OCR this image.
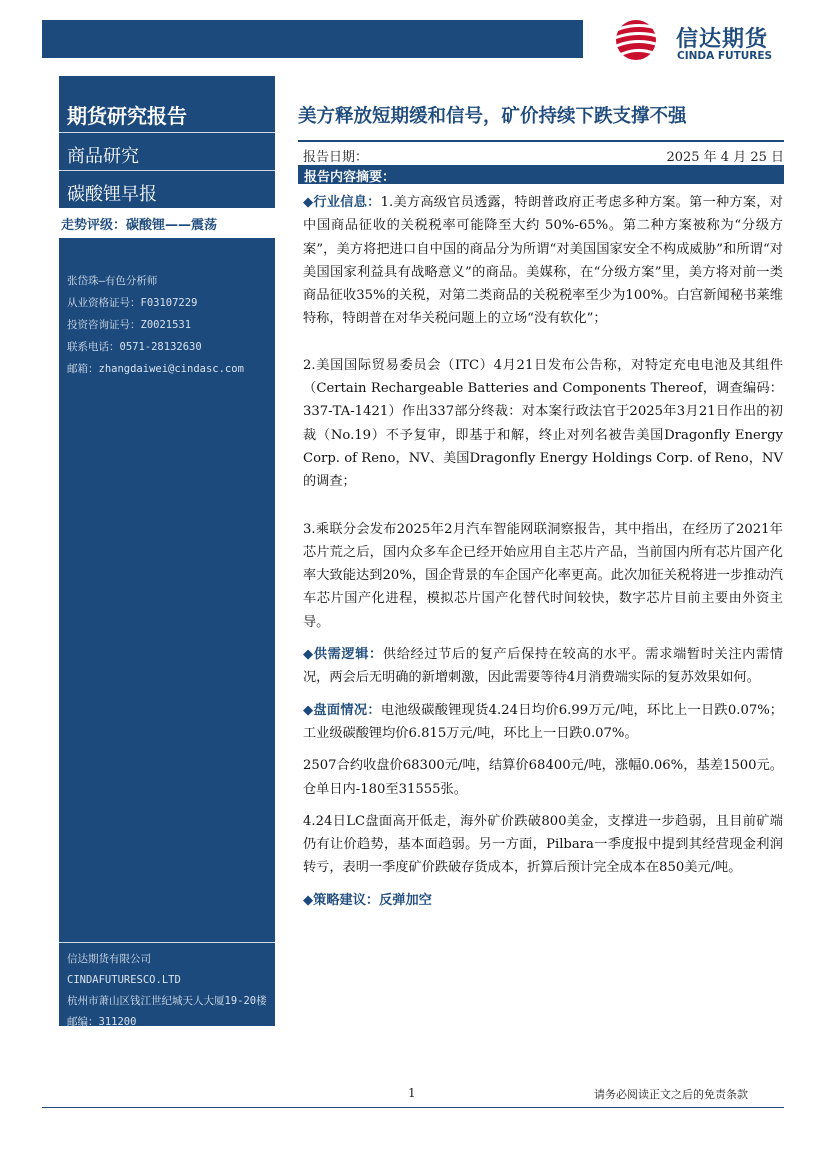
信达期货
CINDA FUTURES
期货研究报告
商品研究
碳酸锂早报
走势评级：碳酸锂——震荡
张岱珠—有色分析师
从业资格证号：F03107229
投资咨询证号：Z0021531
联系电话：0571-28132630
邮箱：zhangdaiwei@cindasc.com
信达期货有限公司
CINDAFUTURESCO.LTD
杭州市萧山区钱江世纪城天人大厦19-20楼
邮编：311200
美方释放短期缓和信号，矿价持续下跌支撑不强
报告日期：	2025 年 4 月 25 日
报告内容摘要：

◆行业信息：1.美方高级官员透露，特朗普政府正考虑多种方案。第一种方案，对中国商品征收的关税税率可能降至大约 50%-65%。第二种方案被称为“分级方案”，美方将把进口自中国的商品分为所谓“对美国国家安全不构成威胁”和所谓“对美国国家利益具有战略意义”的商品。美媒称，在“分级方案”里，美方将对前一类商品征收35%的关税，对第二类商品的关税税率至少为100%。白宫新闻秘书莱维特称，特朗普在对华关税问题上的立场“没有软化”；

2.美国国际贸易委员会（ITC）4月21日发布公告称，对特定充电电池及其组件（Certain Rechargeable Batteries and Components Thereof，调查编码：337-TA-1421）作出337部分终裁：对本案行政法官于2025年3月21日作出的初裁（No.19）不予复审，即基于和解，终止对列名被告美国Dragonfly Energy Corp. of Reno，NV、美国Dragonfly Energy Holdings Corp. of Reno，NV的调查；

3.乘联分会发布2025年2月汽车智能网联洞察报告，其中指出，在经历了2021年芯片荒之后，国内众多车企已经开始应用自主芯片产品，当前国内所有芯片国产化率大致能达到20%，国企背景的车企国产化率更高。此次加征关税将进一步推动汽车芯片国产化进程，模拟芯片国产化替代时间较快，数字芯片目前主要由外资主导。

◆供需逻辑：供给经过节后的复产后保持在较高的水平。需求端暂时关注内需情况，两会后无明确的新增刺激，因此需要等待4月消费端实际的复苏效果如何。

◆盘面情况：电池级碳酸锂现货4.24日均价6.99万元/吨，环比上一日跌0.07%；工业级碳酸锂均价6.815万元/吨，环比上一日跌0.07%。

2507合约收盘价68300元/吨，结算价68400元/吨，涨幅0.06%，基差1500元。仓单日内-180至31555张。

4.24日LC盘面高开低走，海外矿价跌破800美金，支撑进一步趋弱，且目前矿端仍有让价趋势，基本面趋弱。另一方面，Pilbara一季度报中提到其经营现金利润转亏，表明一季度矿价跌破存货成本，折算后预计完全成本在850美元/吨。

◆策略建议：反弹加空

1	请务必阅读正文之后的免责条款
